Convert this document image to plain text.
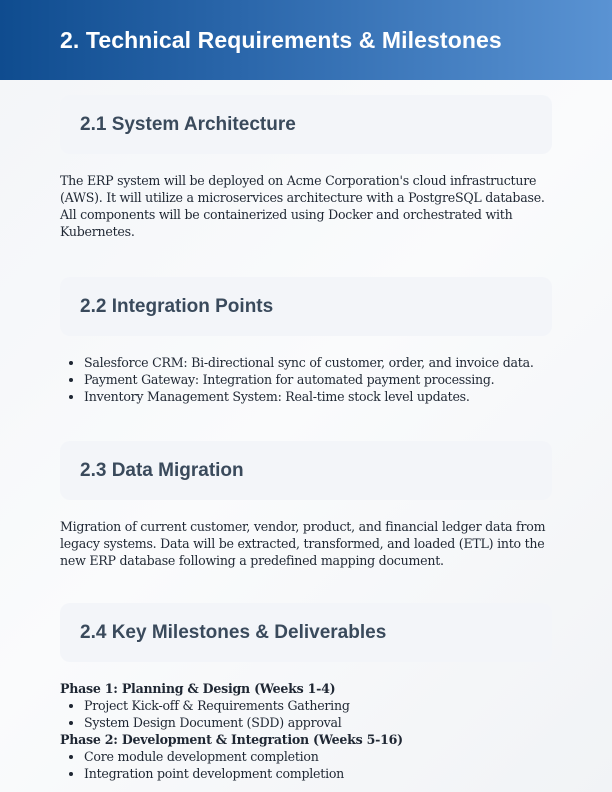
2. Technical Requirements & Milestones
2.1 System Architecture

The ERP system will be deployed on Acme Corporation's cloud infrastructure (AWS). It will utilize a microservices architecture with a PostgreSQL database. All components will be containerized using Docker and orchestrated with Kubernetes.

2.2 Integration Points
• Salesforce CRM: Bi-directional sync of customer, order, and invoice data.
• Payment Gateway: Integration for automated payment processing.
• Inventory Management System: Real-time stock level updates.
2.3 Data Migration

Migration of current customer, vendor, product, and financial ledger data from legacy systems. Data will be extracted, transformed, and loaded (ETL) into the new ERP database following a predefined mapping document.

2.4 Key Milestones & Deliverables
Phase 1: Planning & Design (Weeks 1-4)
• Project Kick-off & Requirements Gathering
• System Design Document (SDD) approval
Phase 2: Development & Integration (Weeks 5-16)
• Core module development completion
• Integration point development completion
